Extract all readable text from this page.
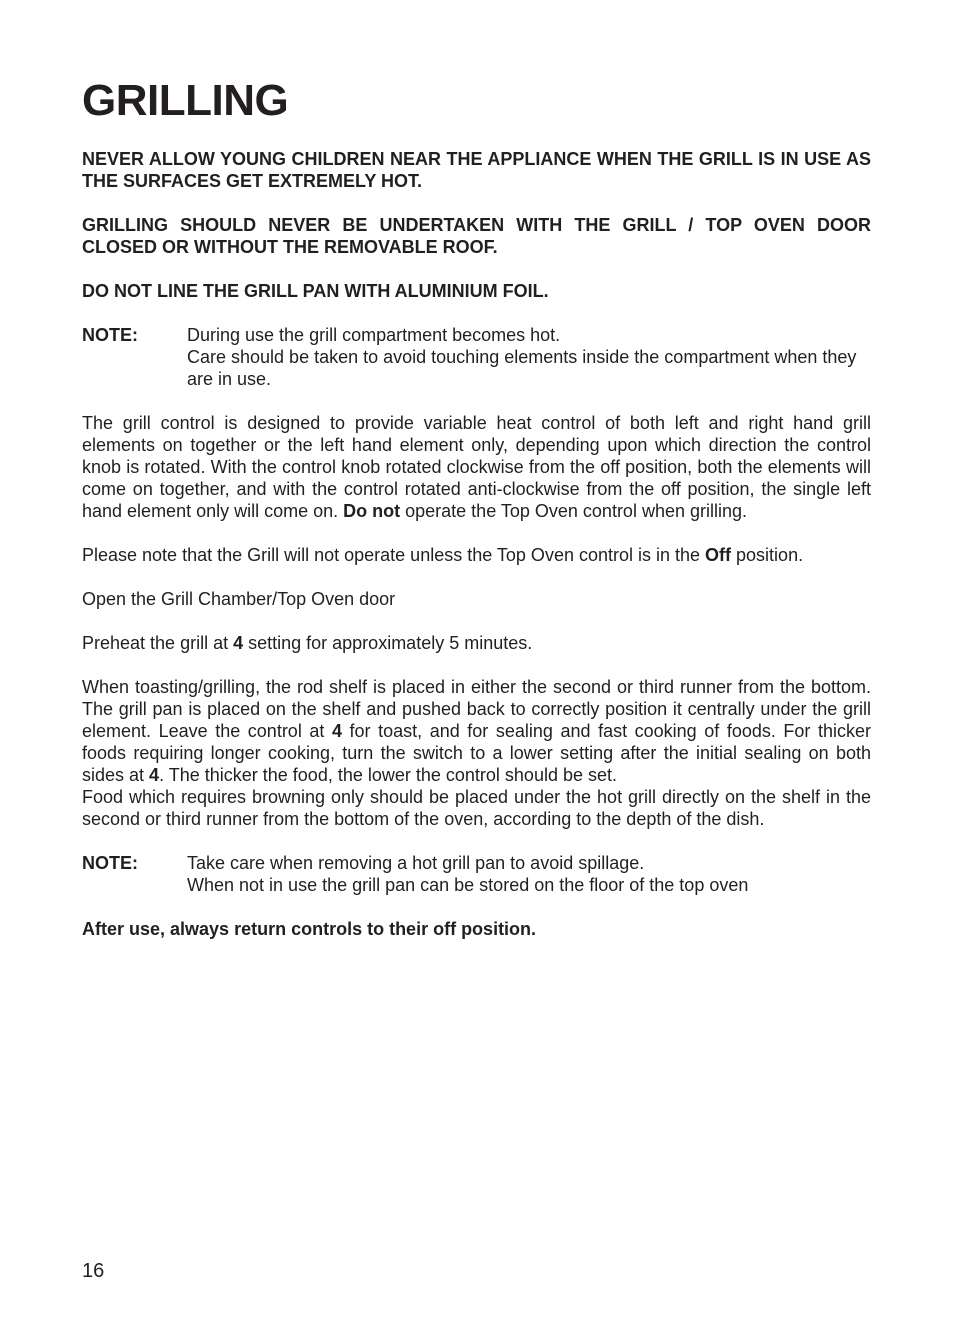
GRILLING

NEVER ALLOW YOUNG CHILDREN NEAR THE APPLIANCE WHEN THE GRILL IS IN USE AS THE SURFACES GET EXTREMELY HOT.

GRILLING SHOULD NEVER BE UNDERTAKEN WITH THE GRILL / TOP OVEN DOOR CLOSED OR WITHOUT THE REMOVABLE ROOF.

DO NOT LINE THE GRILL PAN WITH ALUMINIUM FOIL.

NOTE:	During use the grill compartment becomes hot.
Care should be taken to avoid touching elements inside the compartment when they are in use.

The grill control is designed to provide variable heat control of both left and right hand grill elements on together or the left hand element only, depending upon which direction the control knob is rotated. With the control knob rotated clockwise from the off position, both the elements will come on together, and with the control rotated anti-clockwise from the off position, the single left hand element only will come on. Do not operate the Top Oven control when grilling.

Please note that the Grill will not operate unless the Top Oven control is in the Off position.

Open the Grill Chamber/Top Oven door

Preheat the grill at 4 setting for approximately 5 minutes.

When toasting/grilling, the rod shelf is placed in either the second or third runner from the bottom. The grill pan is placed on the shelf and pushed back to correctly position it centrally under the grill element. Leave the control at 4 for toast, and for sealing and fast cooking of foods. For thicker foods requiring longer cooking, turn the switch to a lower setting after the initial sealing on both sides at 4. The thicker the food, the lower the control should be set.

Food which requires browning only should be placed under the hot grill directly on the shelf in the second or third runner from the bottom of the oven, according to the depth of the dish.

NOTE:	Take care when removing a hot grill pan to avoid spillage.
When not in use the grill pan can be stored on the floor of the top oven

After use, always return controls to their off position.

16
